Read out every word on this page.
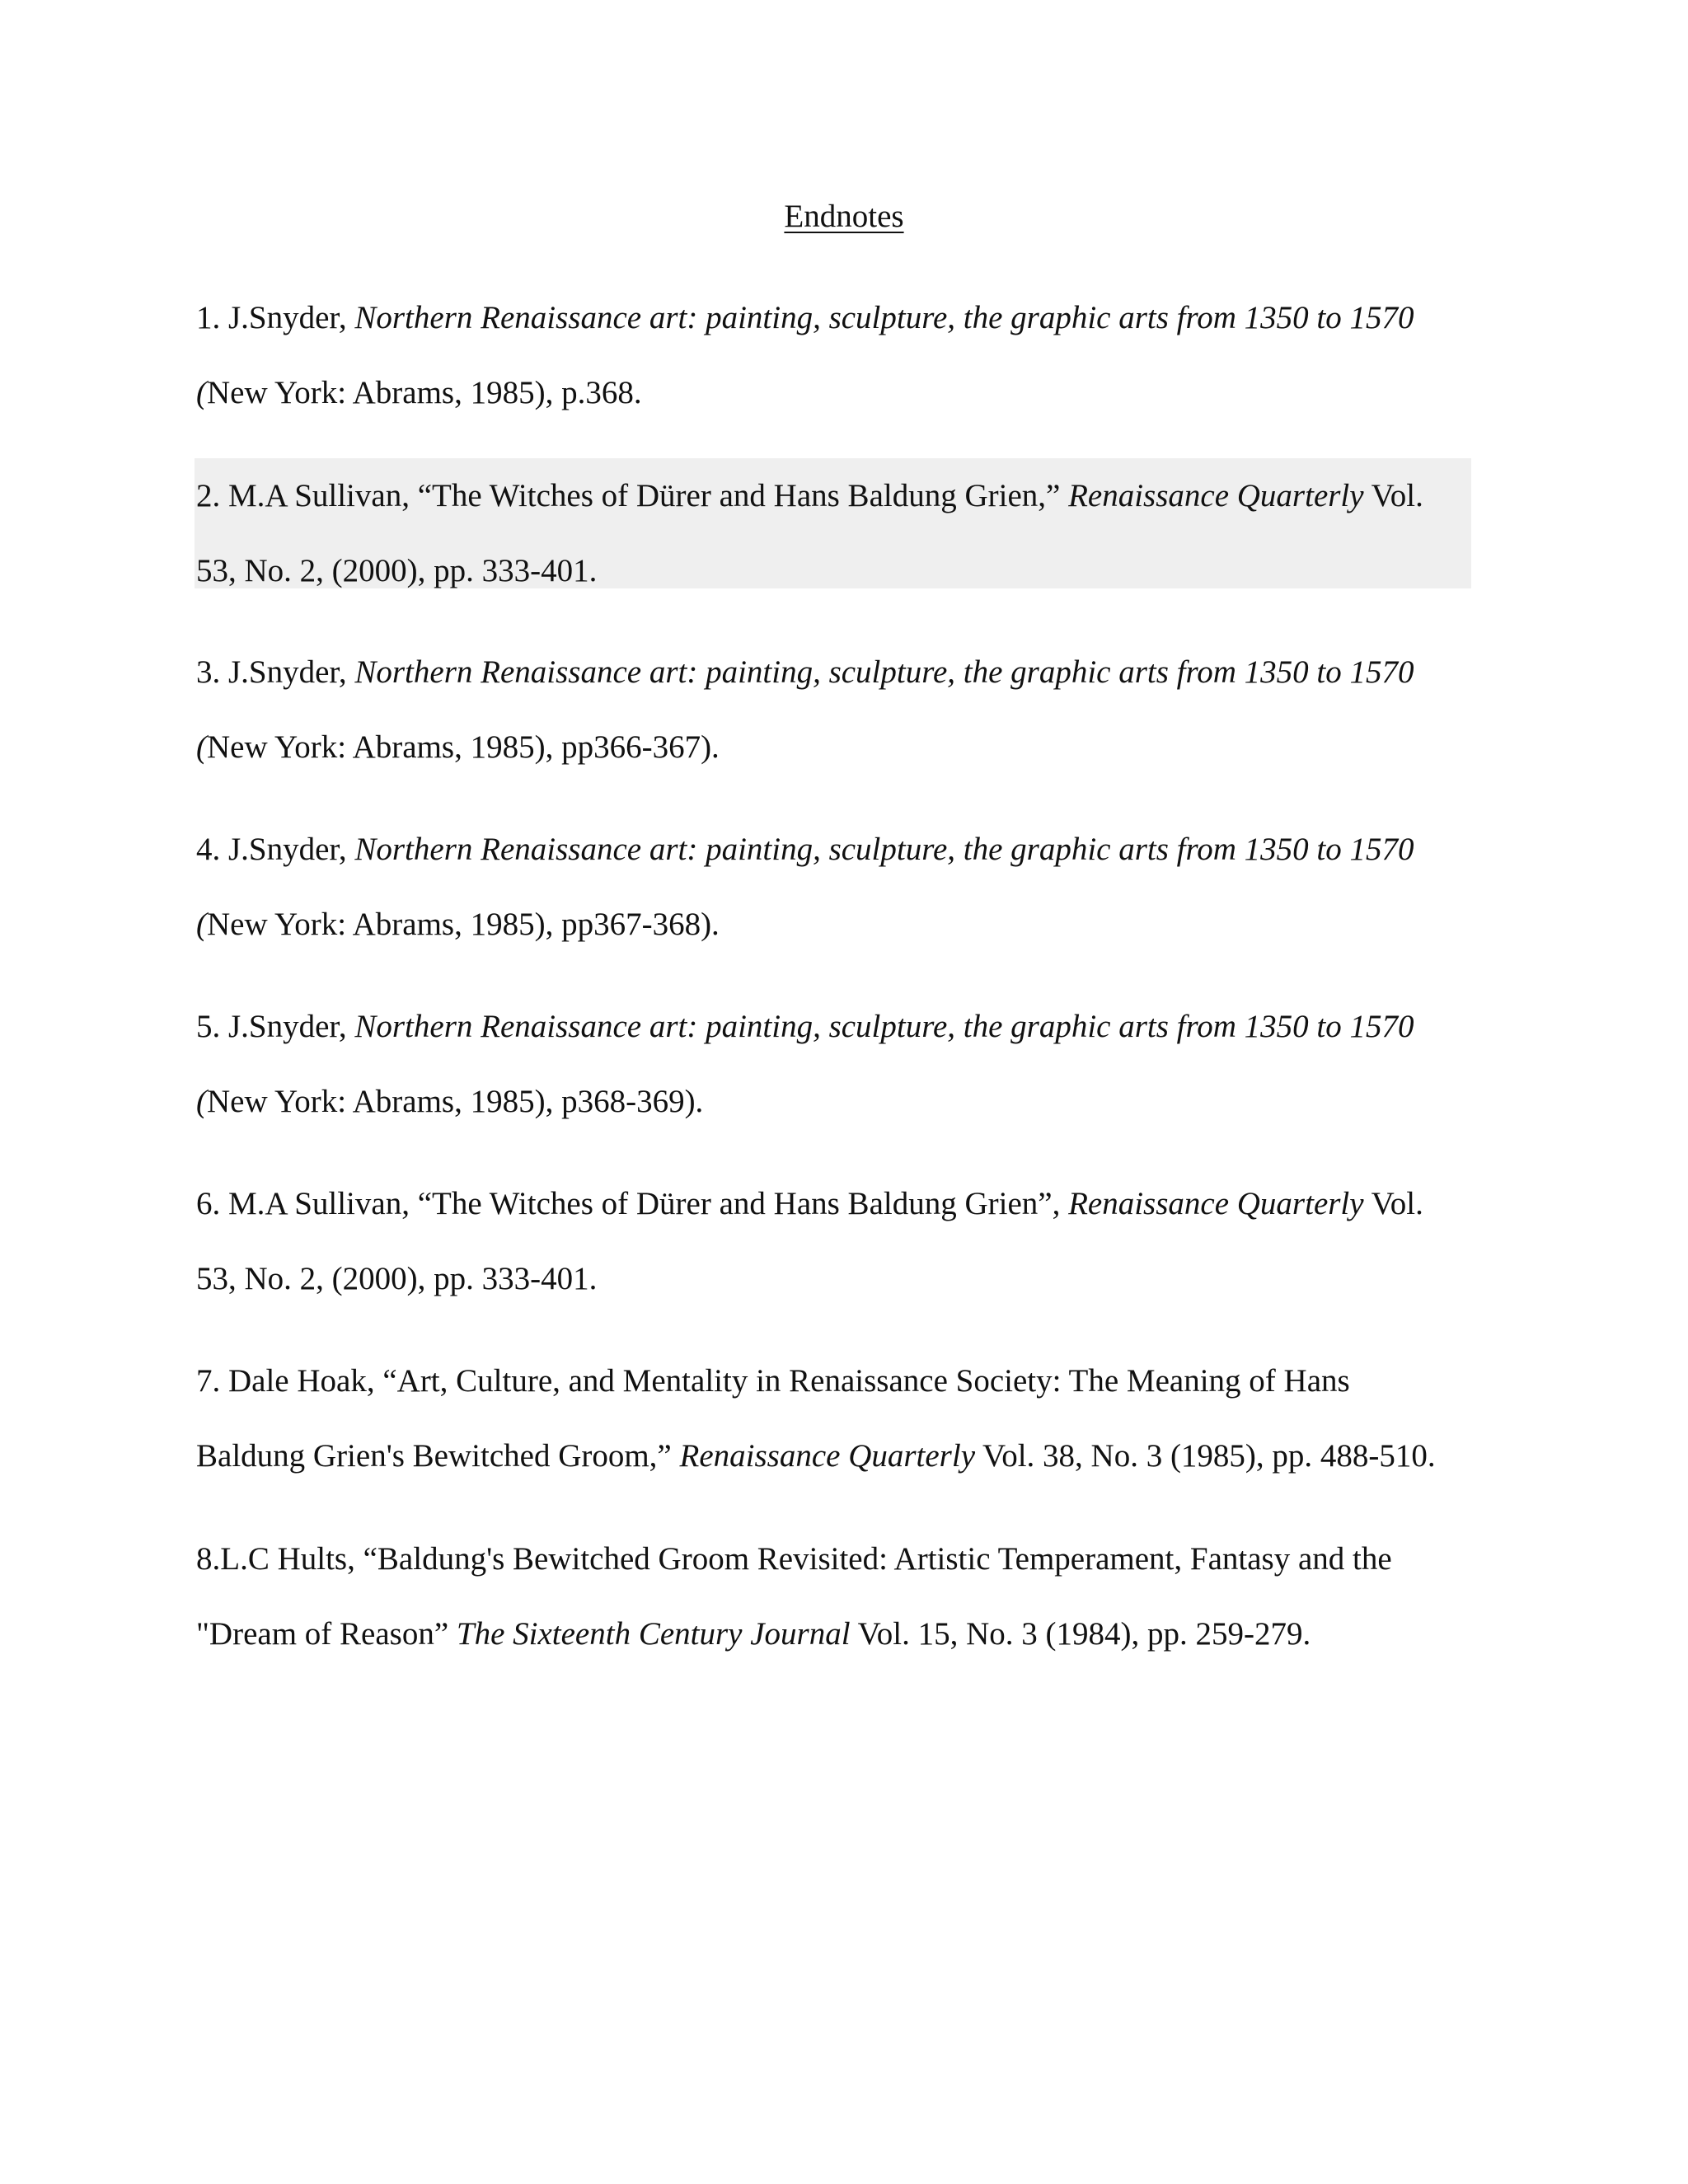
Endnotes
1. J.Snyder, Northern Renaissance art: painting, sculpture, the graphic arts from 1350 to 1570
(New York: Abrams, 1985), p.368.
2. M.A Sullivan, “The Witches of Dürer and Hans Baldung Grien,” Renaissance Quarterly Vol.
53, No. 2, (2000), pp. 333-401.
3. J.Snyder, Northern Renaissance art: painting, sculpture, the graphic arts from 1350 to 1570
(New York: Abrams, 1985), pp366-367).
4. J.Snyder, Northern Renaissance art: painting, sculpture, the graphic arts from 1350 to 1570
(New York: Abrams, 1985), pp367-368).
5. J.Snyder, Northern Renaissance art: painting, sculpture, the graphic arts from 1350 to 1570
(New York: Abrams, 1985), p368-369).
6. M.A Sullivan, “The Witches of Dürer and Hans Baldung Grien”, Renaissance Quarterly Vol.
53, No. 2, (2000), pp. 333-401.
7. Dale Hoak, “Art, Culture, and Mentality in Renaissance Society: The Meaning of Hans
Baldung Grien's Bewitched Groom,” Renaissance Quarterly Vol. 38, No. 3 (1985), pp. 488-510.
8.L.C Hults, “Baldung's Bewitched Groom Revisited: Artistic Temperament, Fantasy and the
"Dream of Reason” The Sixteenth Century Journal Vol. 15, No. 3 (1984), pp. 259-279.
